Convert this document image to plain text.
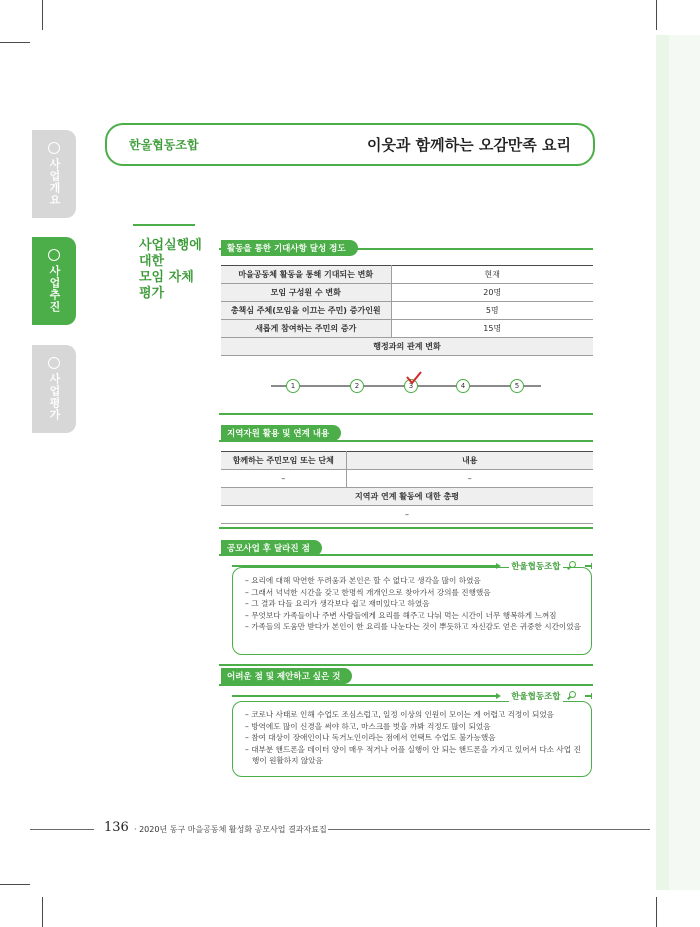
사업개요
사업추진
사업평가
한울협동조합	이웃과 함께하는 오감만족 요리
사업실행에
대한
모임 자체
평가
활동을 통한 기대사항 달성 정도
마을공동체 활동을 통해 기대되는 변화	현재
모임 구성원 수 변화	20명
총책심 주체(모임을 이끄는 주민) 증가인원	5명
새롭게 참여하는 주민의 증가	15명
행정과의 관계 변화	
1	2	3	4	5
지역자원 활용 및 연계 내용
함께하는 주민모임 또는 단체	내용
–	–
지역과 연계 활동에 대한 총평	
–	
공모사업 후 달라진 점
– 요리에 대해 막연한 두려움과 본인은 할 수 없다고 생각을 많이 하였음
– 그래서 넉넉한 시간을 갖고 한명씩 개개인으로 찾아가서 강의를 진행했음
– 그 결과 다들 요리가 생각보다 쉽고 재미있다고 하였음
– 무엇보다 가족들이나 주변 사람들에게 요리를 해주고 나눠 먹는 시간이 너무 행복하게 느껴짐
– 가족들의 도움만 받다가 본인이 한 요리를 나눈다는 것이 뿌듯하고 자신감도 얻은 귀중한 시간이었음
한울협동조합
어려운 점 및 제안하고 싶은 것
– 코로나 사태로 인해 수업도 조심스럽고, 일정 이상의 인원이 모이는 게 어렵고 걱정이 되었음
– 방역에도 많이 신경을 써야 하고, 마스크를 벗을 까봐 걱정도 많이 되었음
– 참여 대상이 장애인이나 독거노인이라는 점에서 언택트 수업도 불가능했음
– 대부분 핸드폰을 데이터 양이 매우 적거나 어플 실행이 안 되는 핸드폰을 가지고 있어서 다소 사업 진행이 원활하지 않았음
한울협동조합
136 · 2020년 동구 마을공동체 활성화 공모사업 결과자료집
